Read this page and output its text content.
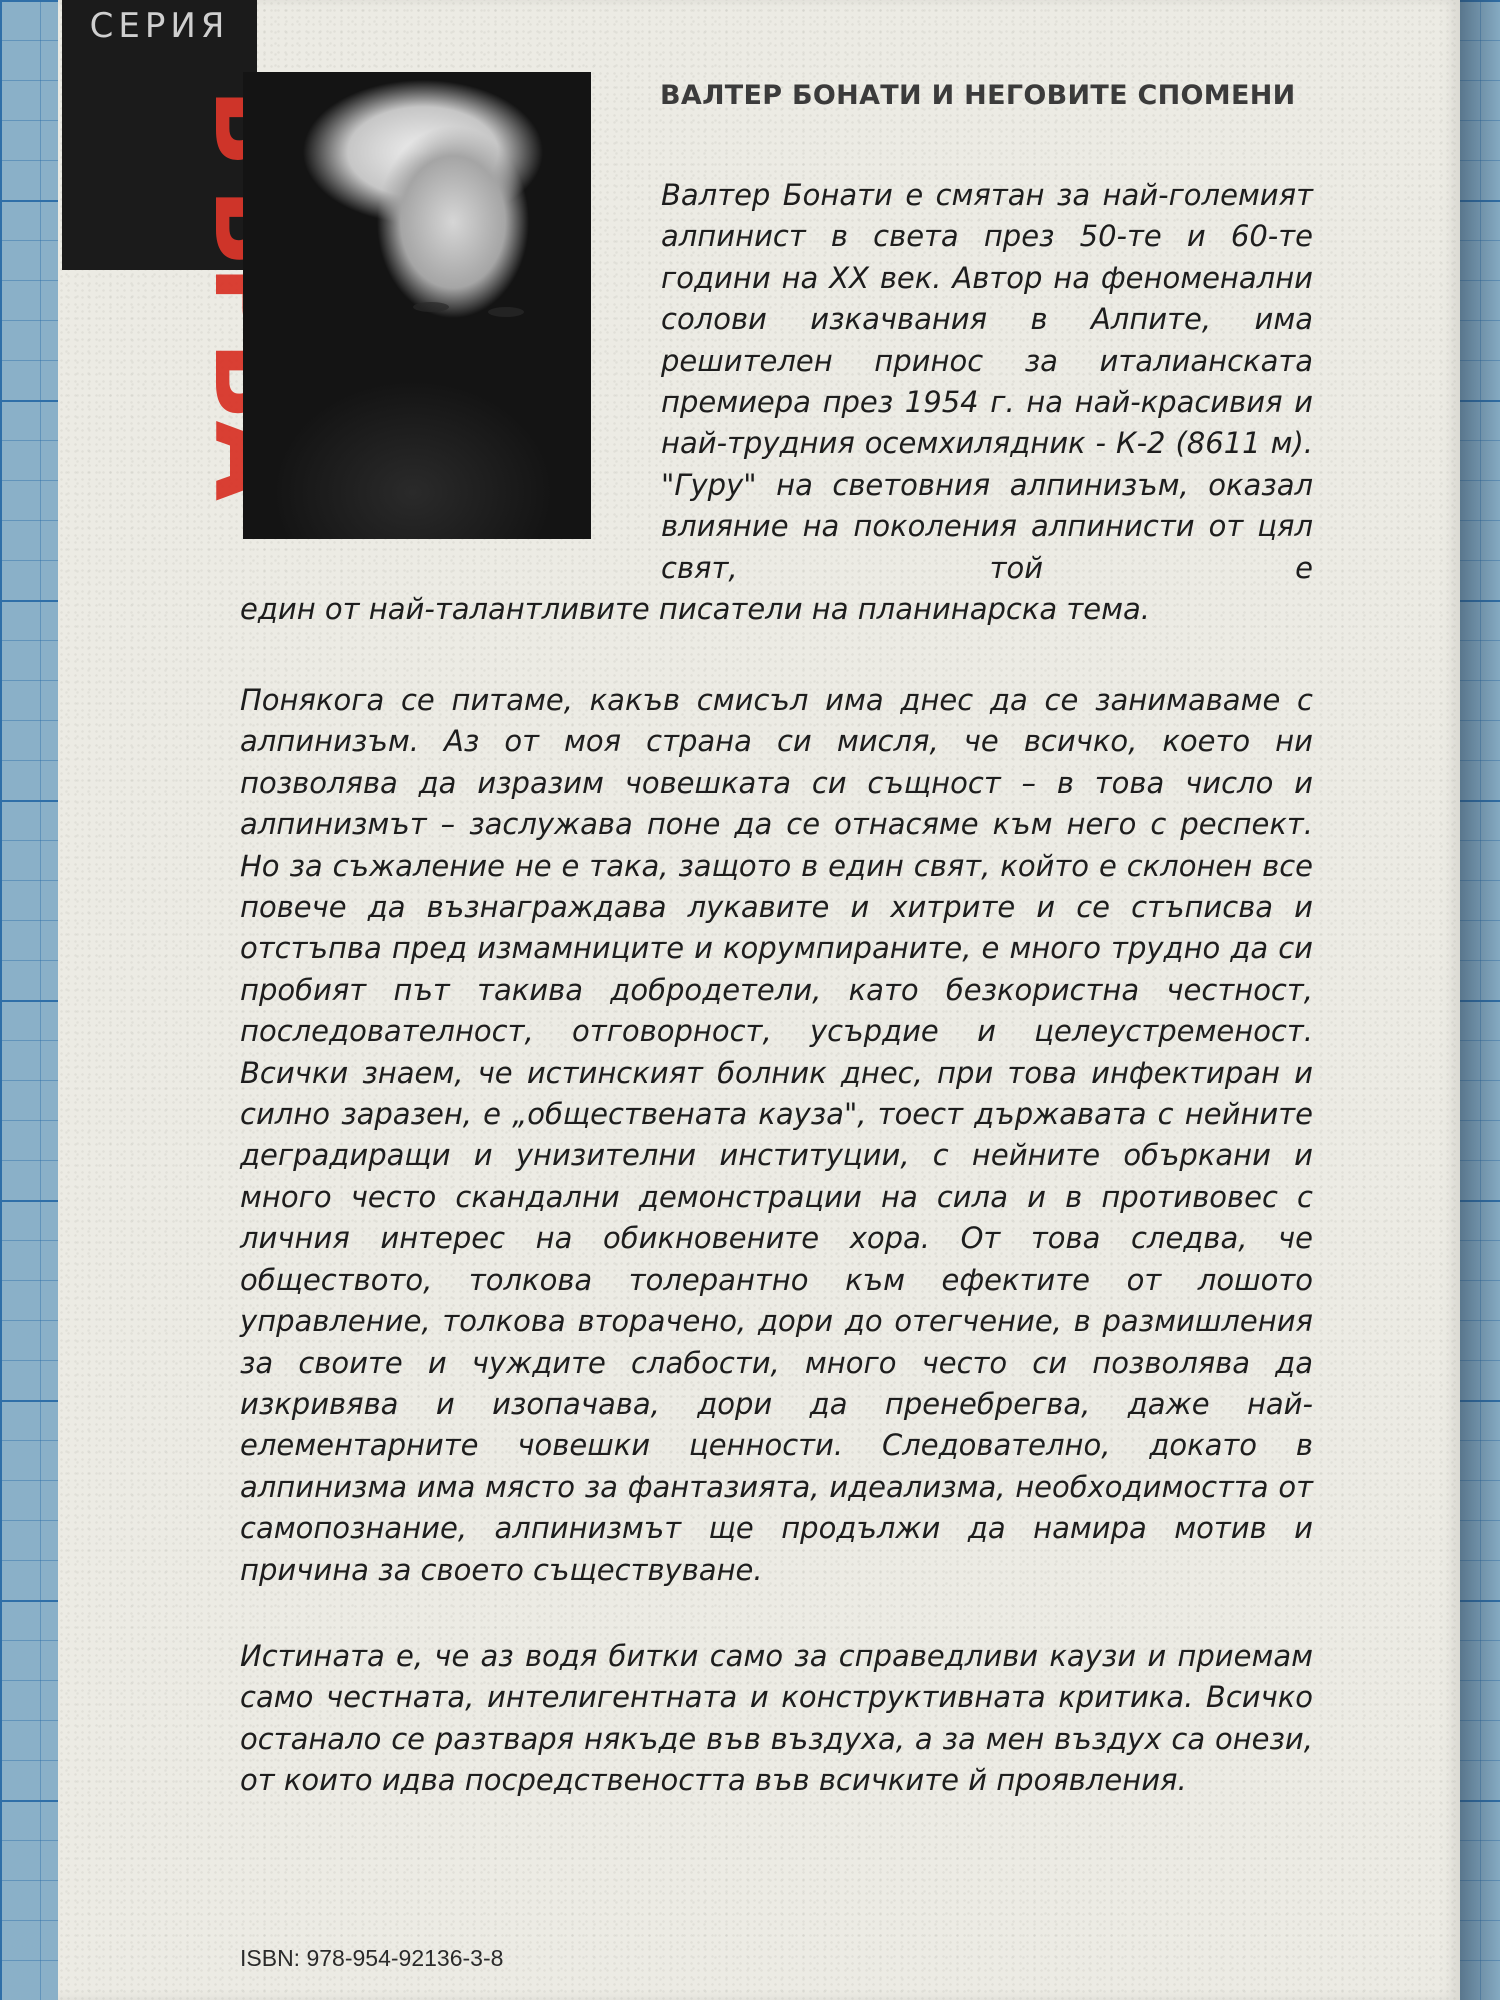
СЕРИЯ
ВАЛТЕР БОНАТИ И НЕГОВИТЕ СПОМЕНИ
Валтер Бонати е смятан за най-големият алпинист в света през 50-те и 60-те години на XX век. Автор на феноменални солови изкачвания в Алпите, има решителен принос за италианската премиера през 1954 г. на най-красивия и най-трудния осемхилядник - К-2 (8611 м). "Гуру" на световния алпинизъм, оказал влияние на поколения алпинисти от цял свят, той е
един от най-талантливите писатели на планинарска тема.
Понякога се питаме, какъв смисъл има днес да се занимаваме с алпинизъм. Аз от моя страна си мисля, че всичко, което ни позволява да изразим човешката си същност – в това число и алпинизмът – заслужава поне да се отнасяме към него с респект. Но за съжаление не е така, защото в един свят, който е склонен все повече да възнаграждава лукавите и хитрите и се стъписва и отстъпва пред измамниците и корумпираните, е много трудно да си пробият път такива добродетели, като безкористна честност, последователност, отговорност, усърдие и целеустременост. Всички знаем, че истинският болник днес, при това инфектиран и силно заразен, е „обществената кауза", тоест държавата с нейните деградиращи и унизителни институции, с нейните объркани и много често скандални демонстрации на сила и в противовес с личния интерес на обикновените хора. От това следва, че обществото, толкова толерантно към ефектите от лошото управление, толкова вторачено, дори до отегчение, в размишления за своите и чуждите слабости, много често си позволява да изкривява и изопачава, дори да пренебрегва, даже най-елементарните човешки ценности. Следователно, докато в алпинизма има място за фантазията, идеализма, необходимостта от самопознание, алпинизмът ще продължи да намира мотив и причина за своето съществуване.
Истината е, че аз водя битки само за справедливи каузи и приемам само честната, интелигентната и конструктивната критика. Всичко останало се разтваря някъде във въздуха, а за мен въздух са онези, от които идва посредствеността във всичките й проявления.
ISBN: 978-954-92136-3-8
